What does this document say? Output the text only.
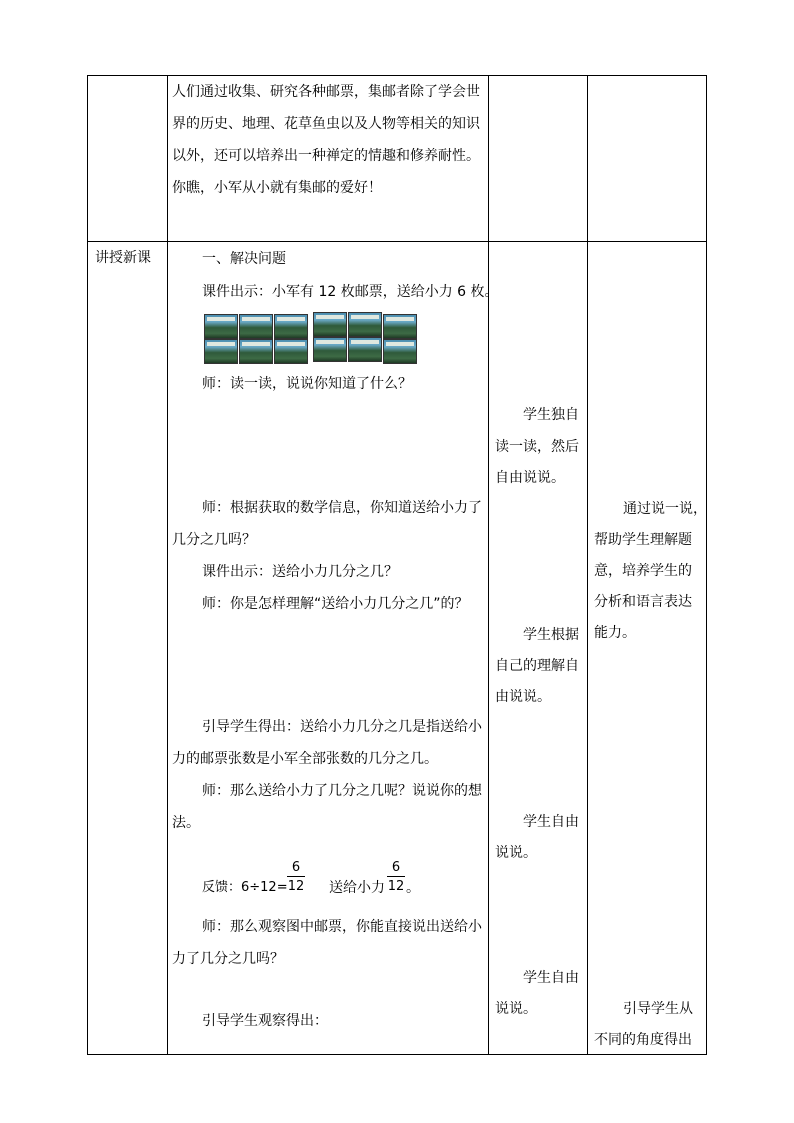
人们通过收集、研究各种邮票，集邮者除了学会世
界的历史、地理、花草鱼虫以及人物等相关的知识
以外，还可以培养出一种禅定的情趣和修养耐性。
你瞧，小军从小就有集邮的爱好！
讲授新课	一、解决问题
课件出示：小军有 12 枚邮票，送给小力 6 枚。
师：读一读，说说你知道了什么？
师：根据获取的数学信息，你知道送给小力了
几分之几吗？
课件出示：送给小力几分之几？
师：你是怎样理解“送给小力几分之几”的？
引导学生得出：送给小力几分之几是指送给小
力的邮票张数是小军全部张数的几分之几。
师：那么送给小力了几分之几呢？说说你的想
法。
反馈：6÷12=
6
12 送给小力
6
12 。
师：那么观察图中邮票，你能直接说出送给小
力了几分之几吗？
引导学生观察得出：
学生独自
读一读，然后
自由说说。
学生根据
自己的理解自
由说说。
学生自由
说说。
学生自由
说说。
通过说一说，
帮助学生理解题
意，培养学生的
分析和语言表达
能力。
引导学生从
不同的角度得出
